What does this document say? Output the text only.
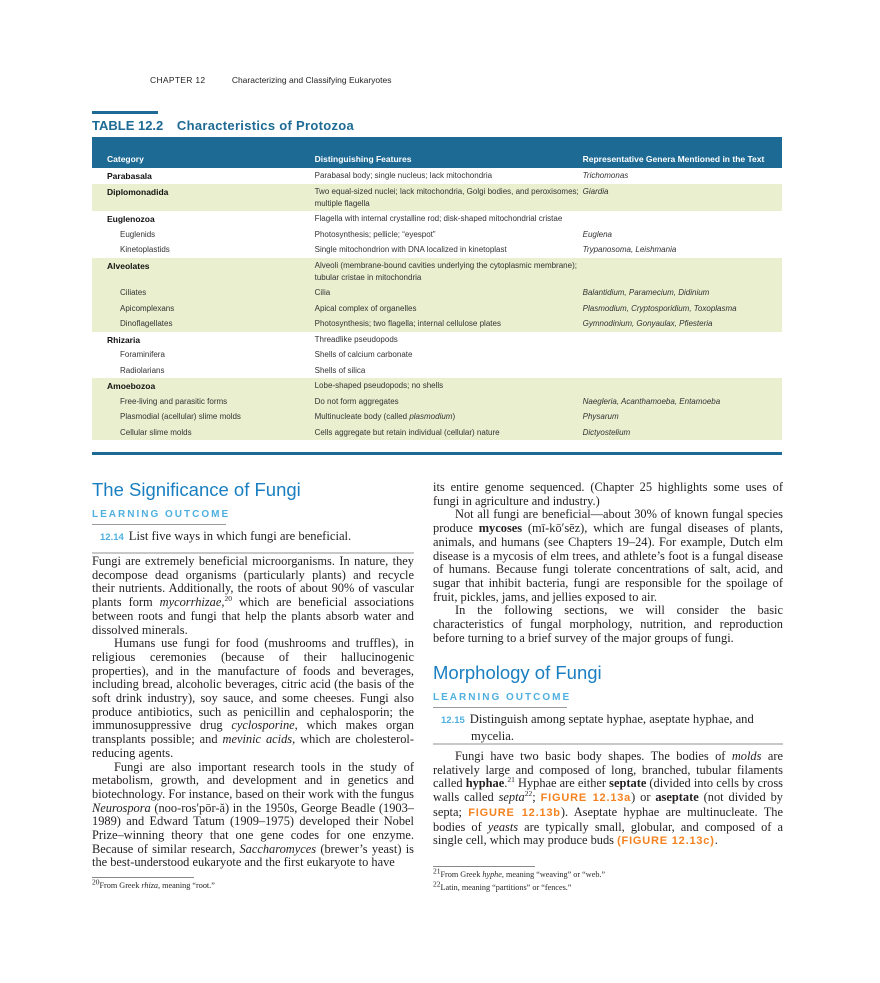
CHAPTER 12	Characterizing and Classifying Eukaryotes
TABLE 12.2 Characteristics of Protozoa
Category	Distinguishing Features	Representative Genera Mentioned in the Text
Parabasala	Parabasal body; single nucleus; lack mitochondria	Trichomonas
Diplomonadida	Two equal-sized nuclei; lack mitochondria, Golgi bodies, and peroxisomes; multiple flagella	Giardia
Euglenozoa	Flagella with internal crystalline rod; disk-shaped mitochondrial cristae	
Euglenids	Photosynthesis; pellicle; “eyespot”	Euglena
Kinetoplastids	Single mitochondrion with DNA localized in kinetoplast	Trypanosoma, Leishmania
Alveolates	Alveoli (membrane-bound cavities underlying the cytoplasmic membrane); tubular cristae in mitochondria	
Ciliates	Cilia	Balantidium, Paramecium, Didinium
Apicomplexans	Apical complex of organelles	Plasmodium, Cryptosporidium, Toxoplasma
Dinoflagellates	Photosynthesis; two flagella; internal cellulose plates	Gymnodinium, Gonyaulax, Pfiesteria
Rhizaria	Threadlike pseudopods	
Foraminifera	Shells of calcium carbonate	
Radiolarians	Shells of silica	
Amoebozoa	Lobe-shaped pseudopods; no shells	
Free-living and parasitic forms	Do not form aggregates	Naegleria, Acanthamoeba, Entamoeba
Plasmodial (acellular) slime molds	Multinucleate body (called plasmodium)	Physarum
Cellular slime molds	Cells aggregate but retain individual (cellular) nature	Dictyostelium
The Significance of Fungi
LEARNING OUTCOME
12.14 List five ways in which fungi are beneficial.

Fungi are extremely beneficial microorganisms. In nature, they decompose dead organisms (particularly plants) and recycle their nutrients. Additionally, the roots of about 90% of vascular plants form mycorrhizae,$^{20}$ which are beneficial associations between roots and fungi that help the plants absorb water and dissolved minerals.

Humans use fungi for food (mushrooms and truffles), in religious ceremonies (because of their hallucinogenic properties), and in the manufacture of foods and beverages, including bread, alcoholic beverages, citric acid (the basis of the soft drink industry), soy sauce, and some cheeses. Fungi also produce antibiotics, such as penicillin and cephalosporin; the immunosuppressive drug cyclosporine, which makes organ transplants possible; and mevinic acids, which are cholesterol-reducing agents.

Fungi are also important research tools in the study of metabolism, growth, and development and in genetics and biotechnology. For instance, based on their work with the fungus Neurospora (noo-ros′pōr-ă) in the 1950s, George Beadle (1903–1989) and Edward Tatum (1909–1975) developed their Nobel Prize–winning theory that one gene codes for one enzyme. Because of similar research, Saccharomyces (brewer’s yeast) is the best-understood eukaryote and the first eukaryote to have

20From Greek rhiza, meaning “root.”

its entire genome sequenced. (Chapter 25 highlights some uses of fungi in agriculture and industry.)

Not all fungi are beneficial—about 30% of known fungal species produce mycoses (mī-kō′sēz), which are fungal diseases of plants, animals, and humans (see Chapters 19–24). For example, Dutch elm disease is a mycosis of elm trees, and athlete’s foot is a fungal disease of humans. Because fungi tolerate concentrations of salt, acid, and sugar that inhibit bacteria, fungi are responsible for the spoilage of fruit, pickles, jams, and jellies exposed to air.

In the following sections, we will consider the basic characteristics of fungal morphology, nutrition, and reproduction before turning to a brief survey of the major groups of fungi.

Morphology of Fungi
LEARNING OUTCOME
12.15 Distinguish among septate hyphae, aseptate hyphae, and mycelia.

Fungi have two basic body shapes. The bodies of molds are relatively large and composed of long, branched, tubular filaments called hyphae.$^{21}$ Hyphae are either septate (divided into cells by cross walls called septa$^{22}$; FIGURE 12.13a) or aseptate (not divided by septa; FIGURE 12.13b). Aseptate hyphae are multinucleate. The bodies of yeasts are typically small, globular, and composed of a single cell, which may produce buds (FIGURE 12.13c).

21From Greek hyphe, meaning “weaving” or “web.”
22Latin, meaning “partitions” or “fences.”
